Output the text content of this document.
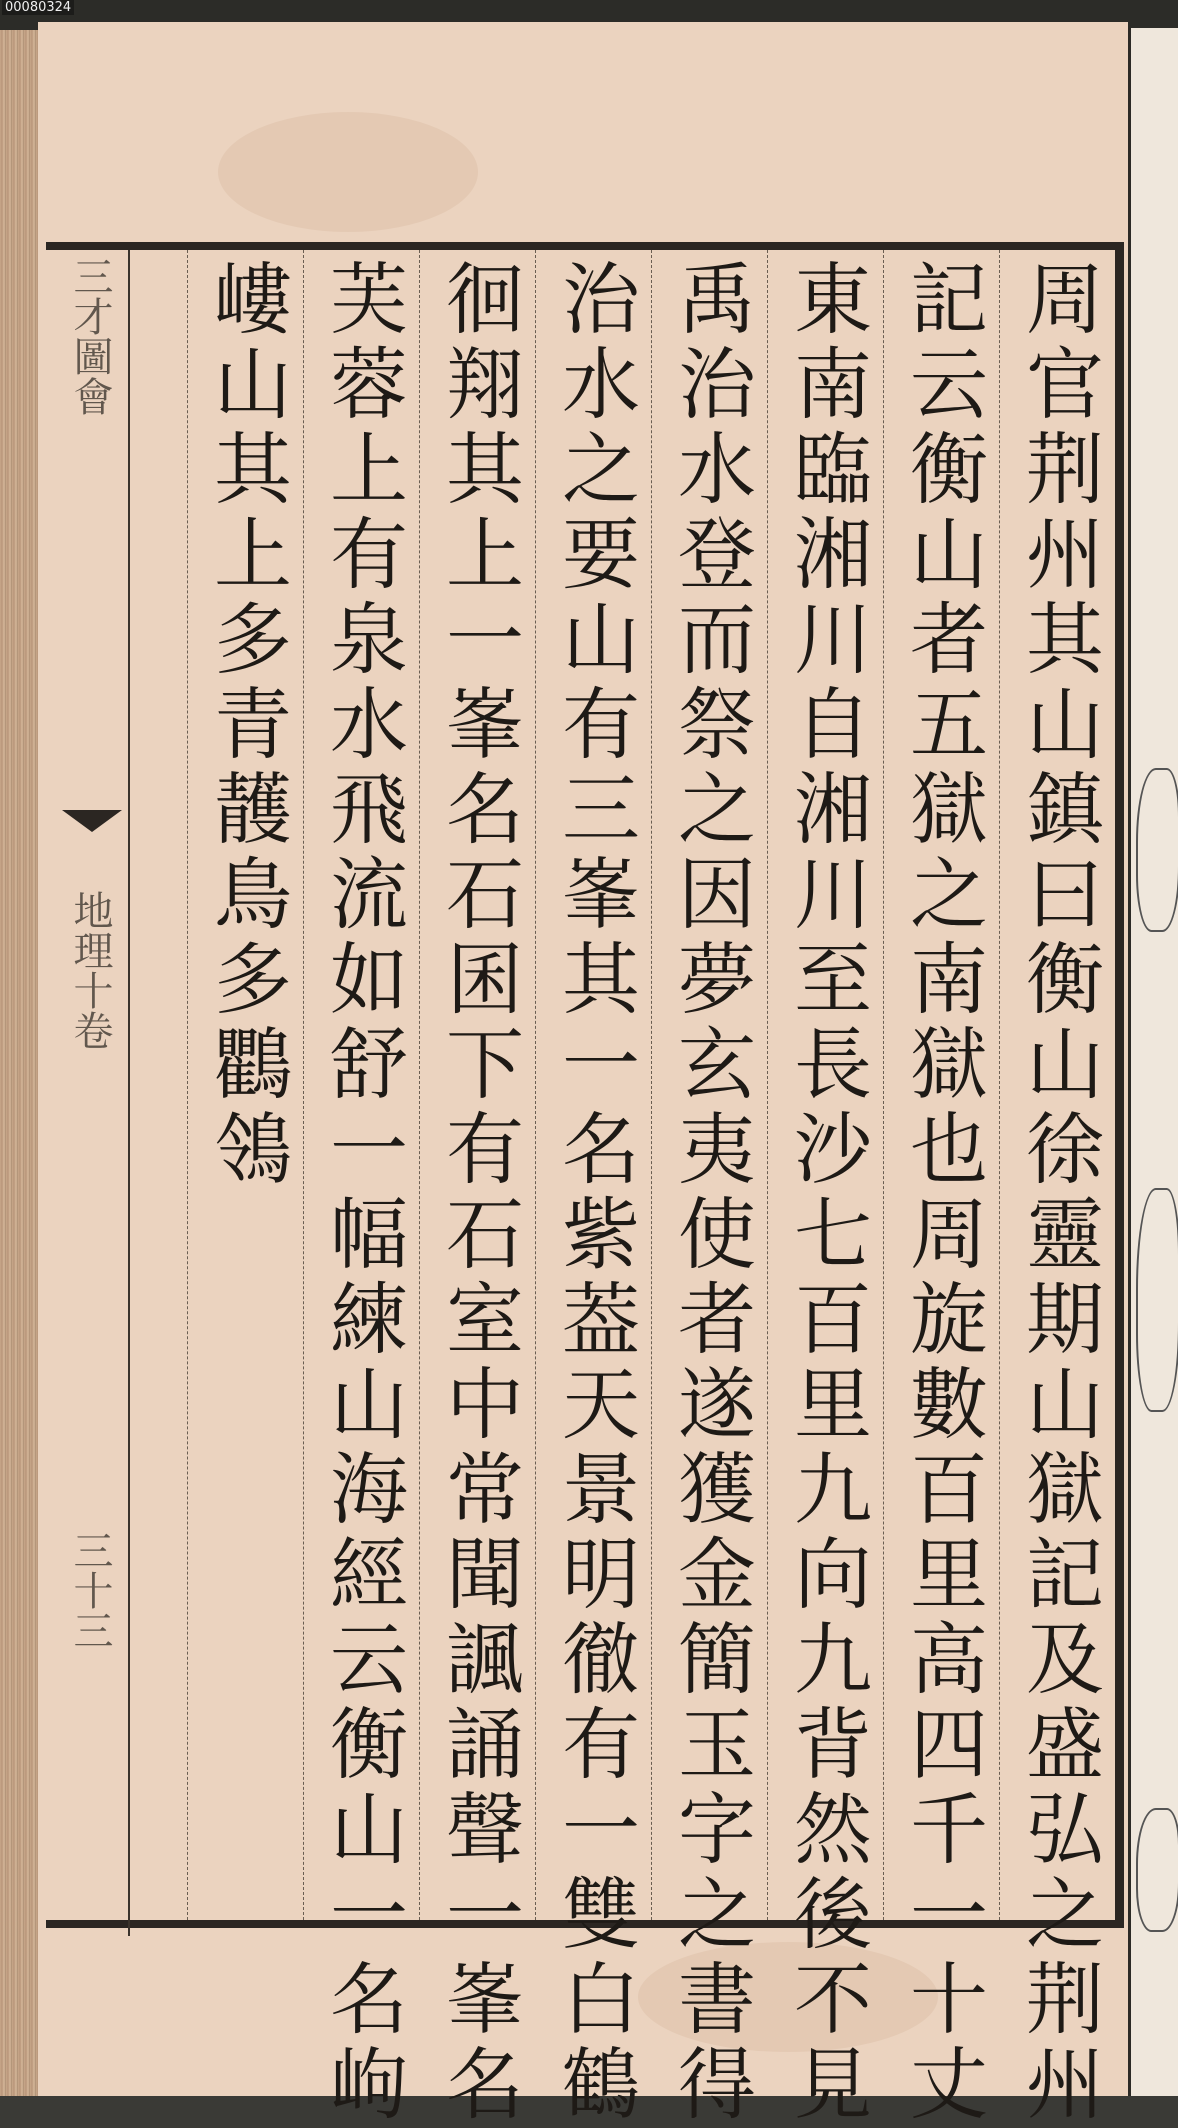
00080324
三才圖會
地理十卷
三十三	周官荆州其山鎮曰衡山徐靈期山獄記及盛弘之荆州
記云衡山者五獄之南獄也周旋數百里高四千一十丈
東南臨湘川自湘川至長沙七百里九向九背然後不見
禹治水登而祭之因夢玄夷使者遂獲金簡玉字之書得
治水之要山有三峯其一名紫葢天景明徹有一雙白鶴
徊翔其上一峯名石囷下有石室中常聞諷誦聲一峯名
芙蓉上有泉水飛流如舒一幅練山海經云衡山一名岣
嶁山其上多青䨼鳥多鸜鴒
